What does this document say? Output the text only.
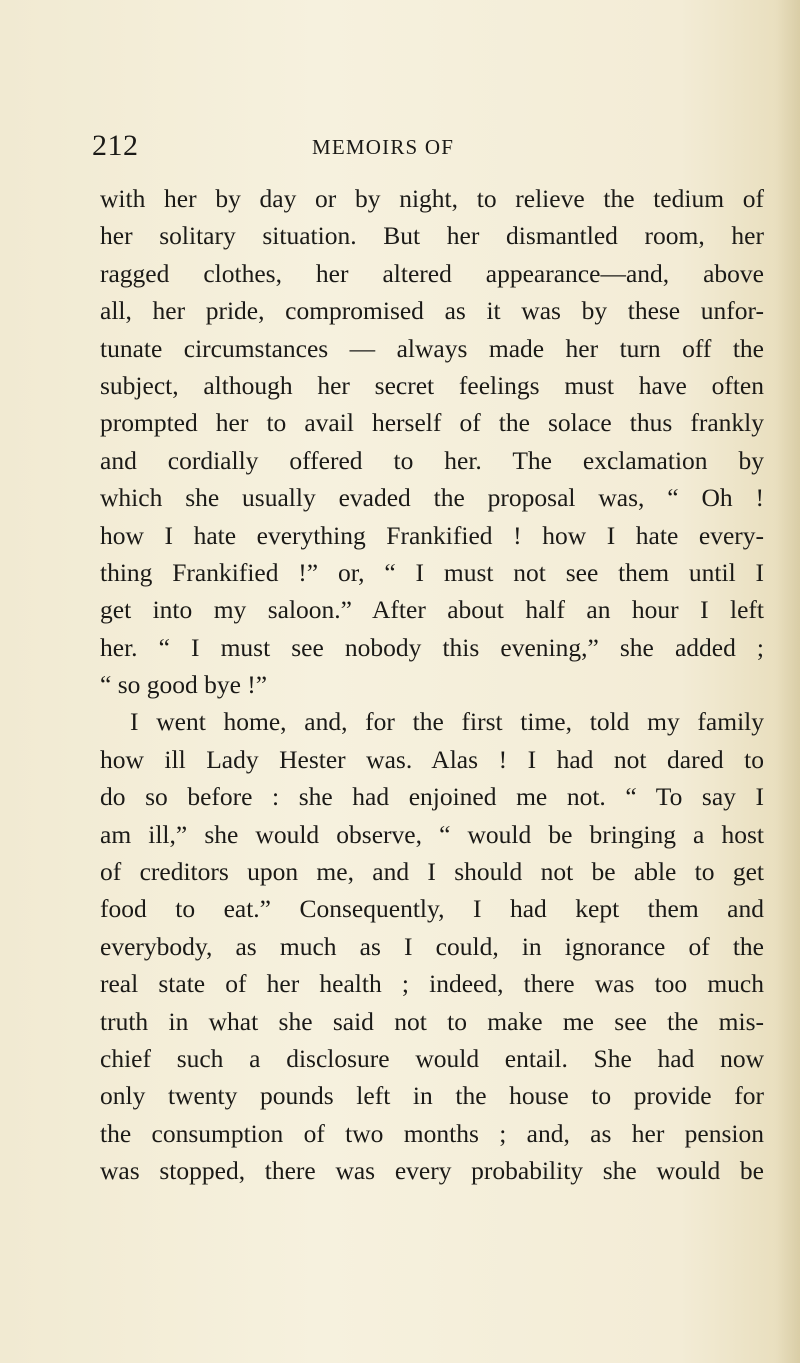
212	MEMOIRS OF
with her by day or by night, to relieve the tedium of
her solitary situation. But her dismantled room, her
ragged clothes, her altered appearance—and, above
all, her pride, compromised as it was by these unfor-
tunate circumstances — always made her turn off the
subject, although her secret feelings must have often
prompted her to avail herself of the solace thus frankly
and cordially offered to her. The exclamation by
which she usually evaded the proposal was, “ Oh !
how I hate everything Frankified ! how I hate every-
thing Frankified !” or, “ I must not see them until I
get into my saloon.” After about half an hour I left
her. “ I must see nobody this evening,” she added ;
“ so good bye !”
I went home, and, for the first time, told my family
how ill Lady Hester was. Alas ! I had not dared to
do so before : she had enjoined me not. “ To say I
am ill,” she would observe, “ would be bringing a host
of creditors upon me, and I should not be able to get
food to eat.” Consequently, I had kept them and
everybody, as much as I could, in ignorance of the
real state of her health ; indeed, there was too much
truth in what she said not to make me see the mis-
chief such a disclosure would entail. She had now
only twenty pounds left in the house to provide for
the consumption of two months ; and, as her pension
was stopped, there was every probability she would be
